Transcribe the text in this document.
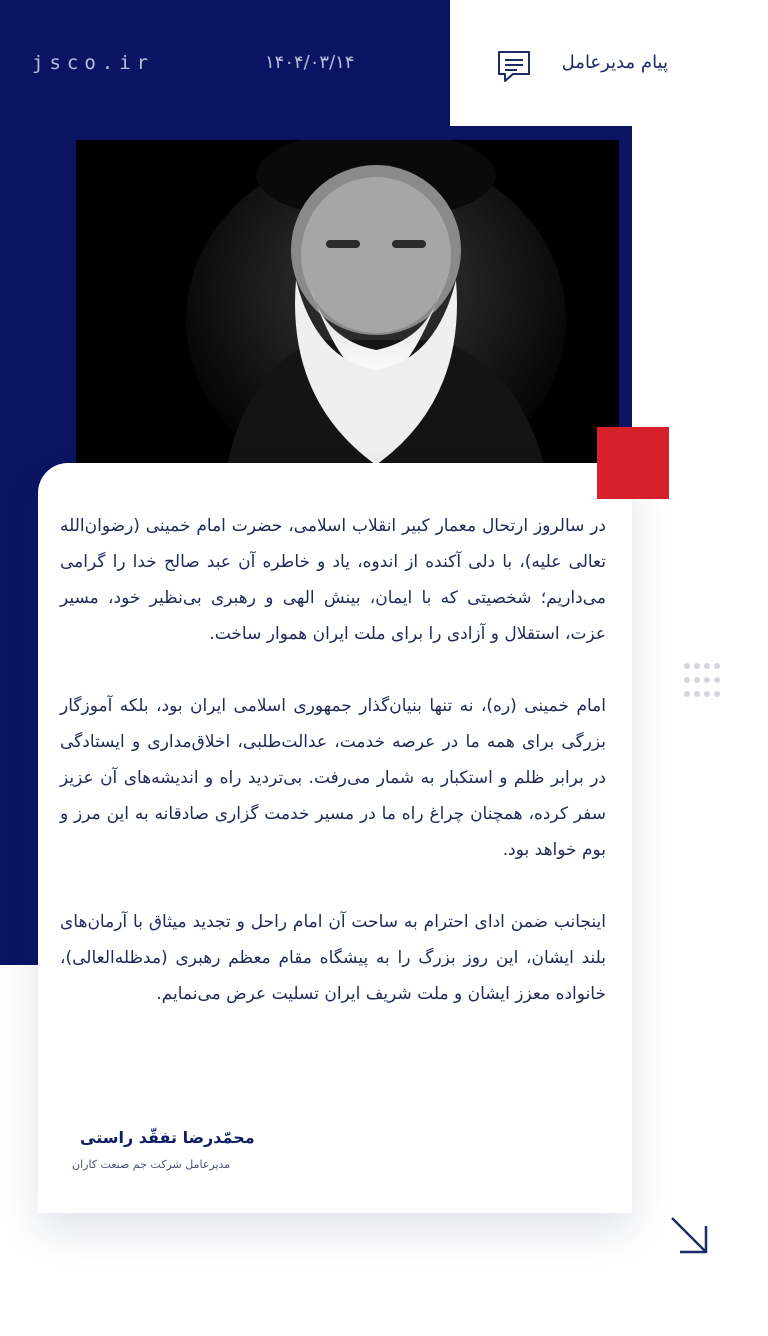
jsco.ir	۱۴۰۴/۰۳/۱۴	پیام مدیرعامل

در سالروز ارتحال معمار کبیر انقلاب اسلامی، حضرت امام خمینی (رضوان‌الله تعالی علیه)، با دلی آکنده از اندوه، یاد و خاطره آن عبد صالح خدا را گرامی می‌داریم؛ شخصیتی که با ایمان، بینش الهی و رهبری بی‌نظیر خود، مسیر عزت، استقلال و آزادی را برای ملت ایران هموار ساخت.

امام خمینی (ره)، نه تنها بنیان‌گذار جمهوری اسلامی ایران بود، بلکه آموزگار بزرگی برای همه ما در عرصه خدمت، عدالت‌طلبی، اخلاق‌مداری و ایستادگی در برابر ظلم و استکبار به شمار می‌رفت. بی‌تردید راه و اندیشه‌های آن عزیز سفر کرده، همچنان چراغ راه ما در مسیر خدمت گزاری صادقانه به این مرز و بوم خواهد بود.

اینجانب ضمن ادای احترام به ساحت آن امام راحل و تجدید میثاق با آرمان‌های بلند ایشان، این روز بزرگ را به پیشگاه مقام معظم رهبری (مدظله‌العالی)، خانواده معزز ایشان و ملت شریف ایران تسلیت عرض می‌نمایم.

محمّدرضا تفقّد راستی
مدیرعامل شرکت جم صنعت کاران
